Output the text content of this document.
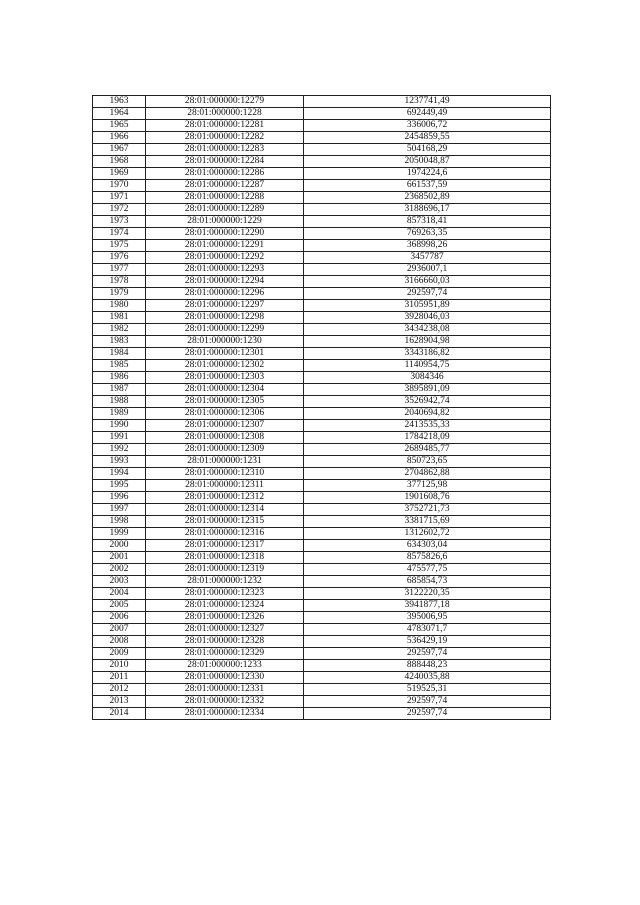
1963	28:01:000000:12279	1237741,49
1964	28:01:000000:1228	692449,49
1965	28:01:000000:12281	336006,72
1966	28:01:000000:12282	2454859,55
1967	28:01:000000:12283	504168,29
1968	28:01:000000:12284	2050048,87
1969	28:01:000000:12286	1974224,6
1970	28:01:000000:12287	661537,59
1971	28:01:000000:12288	2368502,89
1972	28:01:000000:12289	3188696,17
1973	28:01:000000:1229	857318,41
1974	28:01:000000:12290	769263,35
1975	28:01:000000:12291	368998,26
1976	28:01:000000:12292	3457787
1977	28:01:000000:12293	2936007,1
1978	28:01:000000:12294	3166660,03
1979	28:01:000000:12296	292597,74
1980	28:01:000000:12297	3105951,89
1981	28:01:000000:12298	3928046,03
1982	28:01:000000:12299	3434238,08
1983	28:01:000000:1230	1628904,98
1984	28:01:000000:12301	3343186,82
1985	28:01:000000:12302	1140954,75
1986	28:01:000000:12303	3084346
1987	28:01:000000:12304	3895891,09
1988	28:01:000000:12305	3526942,74
1989	28:01:000000:12306	2040694,82
1990	28:01:000000:12307	2413535,33
1991	28:01:000000:12308	1784218,09
1992	28:01:000000:12309	2689485,77
1993	28:01:000000:1231	850723,65
1994	28:01:000000:12310	2704862,88
1995	28:01:000000:12311	377125,98
1996	28:01:000000:12312	1901608,76
1997	28:01:000000:12314	3752721,73
1998	28:01:000000:12315	3381715,69
1999	28:01:000000:12316	1312602,72
2000	28:01:000000:12317	634303,04
2001	28:01:000000:12318	8575826,6
2002	28:01:000000:12319	475577,75
2003	28:01:000000:1232	685854,73
2004	28:01:000000:12323	3122220,35
2005	28:01:000000:12324	3941877,18
2006	28:01:000000:12326	395006,95
2007	28:01:000000:12327	4783071,7
2008	28:01:000000:12328	536429,19
2009	28:01:000000:12329	292597,74
2010	28:01:000000:1233	888448,23
2011	28:01:000000:12330	4240035,88
2012	28:01:000000:12331	519525,31
2013	28:01:000000:12332	292597,74
2014	28:01:000000:12334	292597,74
